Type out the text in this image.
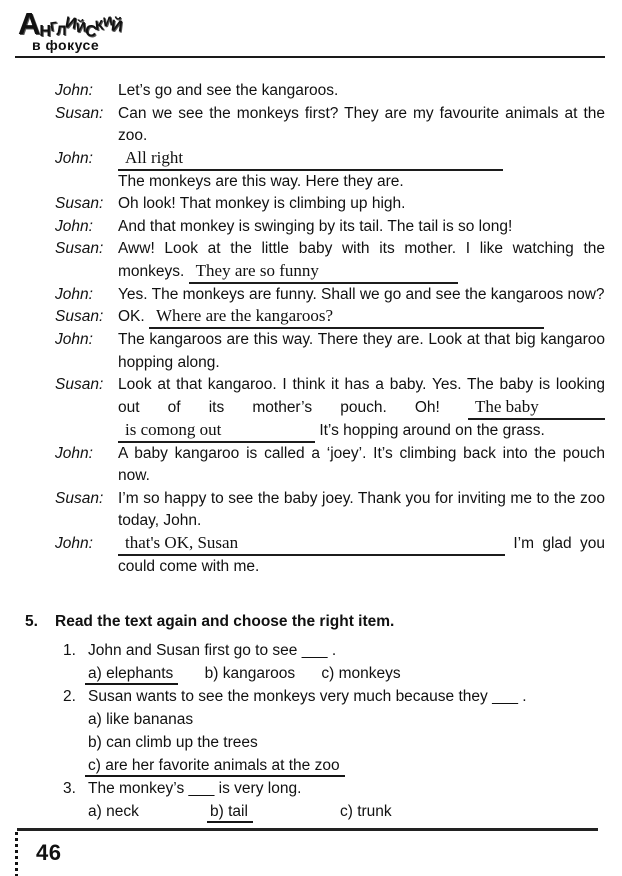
АНГЛИЙСКИЙ
в фокусе
John:	Let’s go and see the kangaroos.
Susan: Can we see the monkeys first? They are my favourite animals at the zoo.
John:	All right
The monkeys are this way. Here they are.
Susan: Oh look! That monkey is climbing up high.
John:	And that monkey is swinging by its tail. The tail is so long!
Susan: Aww! Look at the little baby with its mother. I like watching the monkeys. They are so funny
John:	Yes. The monkeys are funny. Shall we go and see the kangaroos now?
Susan: OK. Where are the kangaroos?
John:	The kangaroos are this way. There they are. Look at that big kangaroo hopping along.
Susan: Look at that kangaroo. I think it has a baby. Yes. The baby is looking out of its mother’s pouch. Oh! The baby is comong out	It’s hopping around on the grass.
John:	A baby kangaroo is called a ‘joey’. It’s climbing back into the pouch now.
Susan: I’m so happy to see the baby joey. Thank you for inviting me to the zoo today, John.
John:	that's OK, Susan	I’m glad you could come with me.
5.	Read the text again and choose the right item.
1. John and Susan first go to see ___ .
a) elephants b) kangaroos c) monkeys
2. Susan wants to see the monkeys very much because they ___ .
a) like bananas
b) can climb up the trees
c) are her favorite animals at the zoo
3. The monkey’s ___ is very long.
a) neck	b) tail	c) trunk
46
